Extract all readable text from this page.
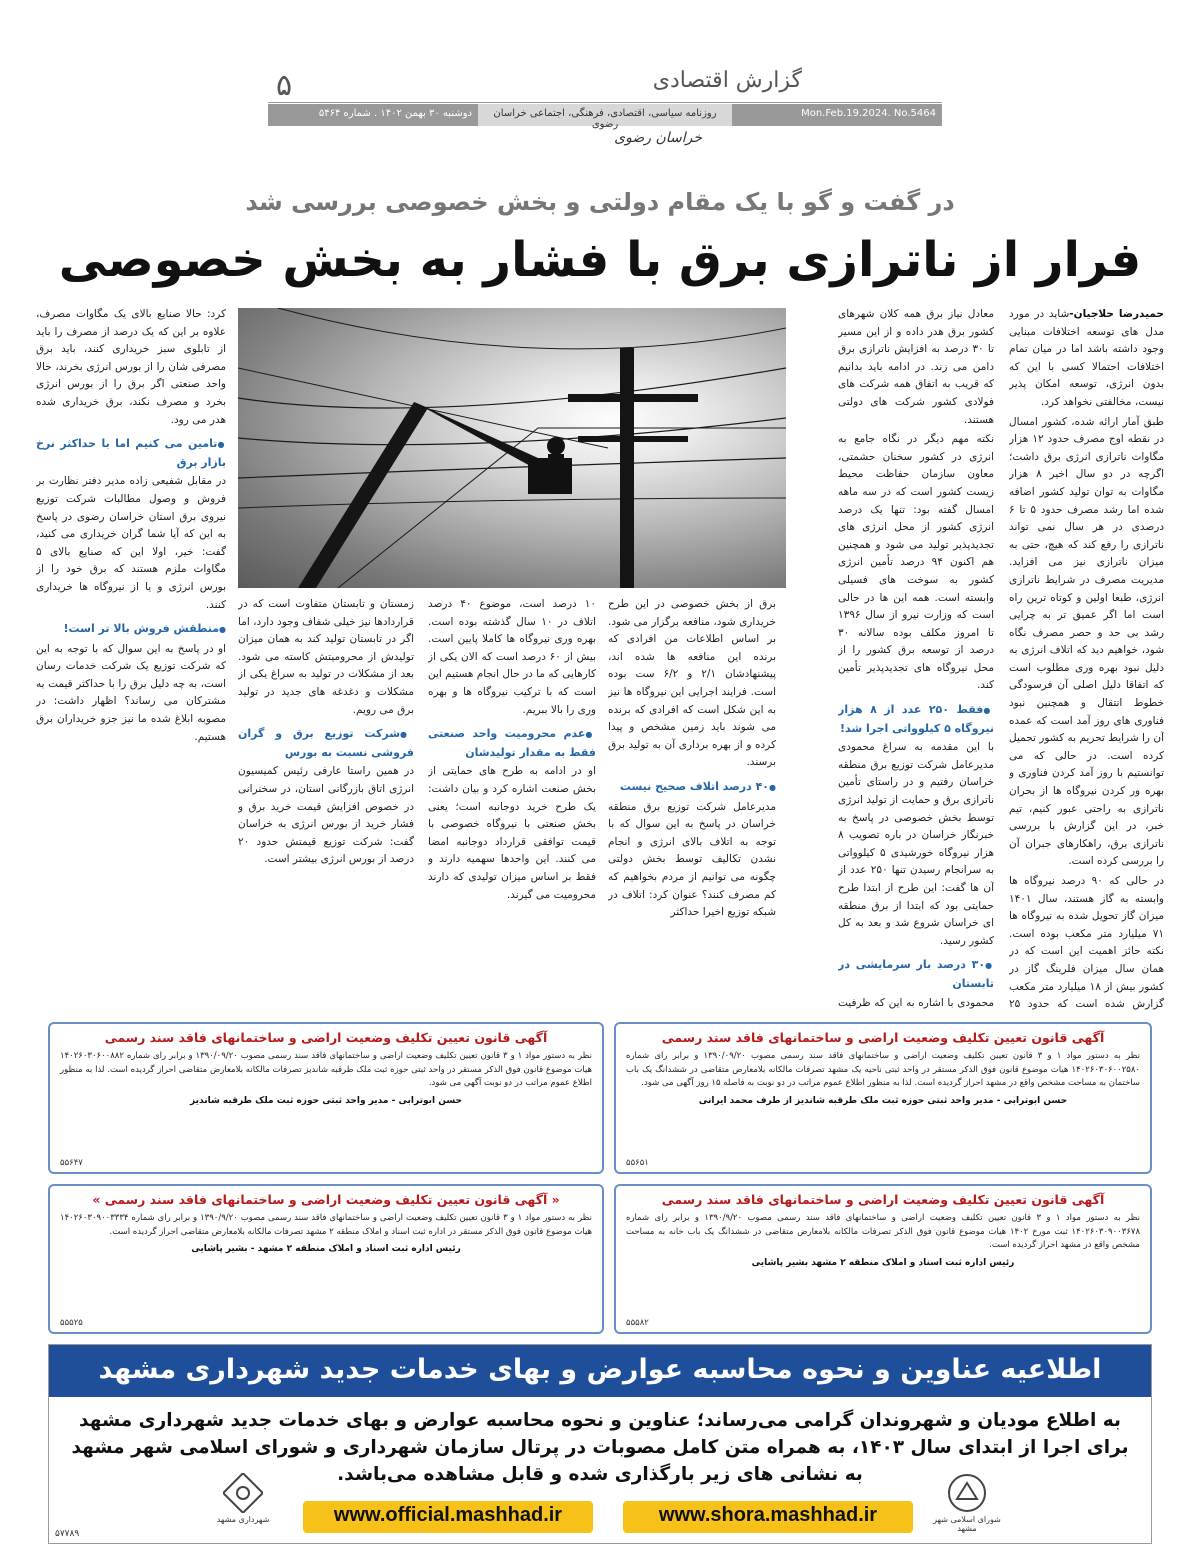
گزارش اقتصادی
۵
Mon.Feb.19.2024. No.5464
روزنامه سیاسی، اقتصادی، فرهنگی، اجتماعی خراسان رضوی
دوشنبه ۳۰ بهمن ۱۴۰۲ . شماره ۵۴۶۴
خراسان رضوی
در گفت و گو با یک مقام دولتی و بخش خصوصی بررسی شد
فرار از ناترازی برق با فشار به بخش خصوصی

حمیدرضا حلاجیان-شاید در مورد مدل های توسعه اختلافات مبنایی وجود داشته باشد اما در میان تمام اختلافات احتمالا کسی با این که بدون انرژی، توسعه امکان پذیر نیست، مخالفتی نخواهد کرد.

طبق آمار ارائه شده، کشور امسال در نقطه اوج مصرف حدود ۱۲ هزار مگاوات ناترازی انرژی برق داشت؛ اگرچه در دو سال اخیر ۸ هزار مگاوات به توان تولید کشور اضافه شده اما رشد مصرف حدود ۵ تا ۶ درصدی در هر سال نمی تواند ناترازی را رفع کند که هیچ، حتی به میزان ناترازی نیز می افزاید. مدیریت مصرف در شرایط ناترازی انرژی، طبعا اولین و کوتاه ترین راه است اما اگر عمیق تر به چرایی رشد بی حد و حصر مصرف نگاه شود، خواهیم دید که اتلاف انرژی به دلیل نبود بهره وری مطلوب است که اتفاقا دلیل اصلی آن فرسودگی خطوط انتقال و همچنین نبود فناوری های روز آمد است که عمده آن را شرایط تحریم به کشور تحمیل کرده است. در حالی که می توانستیم با روز آمد کردن فناوری و بهره ور کردن نیروگاه ها از بحران ناترازی به راحتی عبور کنیم، تیم خبر، در این گزارش با بررسی ناترازی برق، راهکارهای جبران آن را بررسی کرده است.

در حالی که ۹۰ درصد نیروگاه ها وابسته به گاز هستند، سال ۱۴۰۱ میزان گاز تحویل شده به نیروگاه ها ۷۱ میلیارد متر مکعب بوده است. نکته حائز اهمیت این است که در همان سال میزان فلرینگ گاز در کشور بیش از ۱۸ میلیارد متر مکعب گزارش شده است که حدود ۲۵

معادل نیاز برق همه کلان شهرهای کشور برق هدر داده و از این مسیر تا ۳۰ درصد به افزایش ناترازی برق دامن می زند. در ادامه باید بدانیم که قریب به اتفاق همه شرکت های فولادی کشور شرکت های دولتی هستند.

نکته مهم دیگر در نگاه جامع به انرژی در کشور سخنان حشمتی، معاون سازمان حفاظت محیط زیست کشور است که در سه ماهه امسال گفته بود: تنها یک درصد انرژی کشور از محل انرژی های تجدیدپذیر تولید می شود و همچنین هم اکنون ۹۴ درصد تأمین انرژی کشور به سوخت های فسیلی وابسته است. همه این ها در حالی است که وزارت نیرو از سال ۱۳۹۶ تا امروز مکلف بوده سالانه ۳۰ درصد از توسعه برق کشور را از محل نیروگاه های تجدیدپذیر تأمین کند.

● فقط ۲۵۰ عدد از ۸ هزار نیروگاه ۵ کیلوواتی اجرا شد!

با این مقدمه به سراغ محمودی مدیرعامل شرکت توزیع برق منطقه خراسان رفتیم و در راستای تأمین ناترازی برق و حمایت از تولید انرژی توسط بخش خصوصی در پاسخ به خبرنگار خراسان در باره تصویب ۸ هزار نیروگاه خورشیدی ۵ کیلوواتی به سرانجام رسیدن تنها ۲۵۰ عدد از آن ها گفت: این طرح از ابتدا طرح حمایتی بود که ابتدا از برق منطقه ای خراسان شروع شد و بعد به کل کشور رسید.

● ۳۰ درصد بار سرمایشی در تابستان

محمودی با اشاره به این که ظرفیت

برق از بخش خصوصی در این طرح خریداری شود، منافعه برگزار می شود. بر اساس اطلاعات من افرادی که برنده این منافعه ها شده اند، پیشنهادشان ۲/۱ و ۶/۲ ست بوده است. فرایند اجرایی این نیروگاه ها نیز به این شکل است که افرادی که برنده می شوند باید زمین مشخص و پیدا کرده و از بهره برداری آن به تولید برق برسند.

● ۴۰ درصد اتلاف صحیح نیست

مدیرعامل شرکت توزیع برق منطقه خراسان در پاسخ به این سوال که با توجه به اتلاف بالای انرژی و انجام نشدن تکالیف توسط بخش دولتی چگونه می توانیم از مردم بخواهیم که کم مصرف کنند؟ عنوان کرد: اتلاف در شبکه توزیع اخیرا حداکثر

۱۰ درصد است، موضوع ۴۰ درصد اتلاف در ۱۰ سال گذشته بوده است. بهره وری نیروگاه ها کاملا پایین است. بیش از ۶۰ درصد است که الان یکی از کارهایی که ما در حال انجام هستیم این است که با ترکیب نیروگاه ها و بهره وری را بالا ببریم.

● عدم محرومیت واحد صنعتی فقط به مقدار تولیدشان

او در ادامه به طرح های حمایتی از بخش صنعت اشاره کرد و بیان داشت: یک طرح خرید دوجانبه است؛ یعنی بخش صنعتی با نیروگاه خصوصی با قیمت توافقی قرارداد دوجانبه امضا می کنند. این واحدها سهمیه دارند و فقط بر اساس میزان تولیدی که دارند محرومیت می گیرند.

زمستان و تابستان متفاوت است که در قراردادها نیز خیلی شفاف وجود دارد، اما اگر در تابستان تولید کند به همان میزان تولیدش از محرومیتش کاسته می شود. بعد از مشکلات در تولید به سراغ یکی از مشکلات و دغدغه های جدید در تولید برق می رویم.

● شرکت توزیع برق و گران فروشی نسبت به بورس

در همین راستا عارفی رئیس کمیسیون انرژی اتاق بازرگانی استان، در سخنرانی در خصوص افزایش قیمت خرید برق و فشار خرید از بورس انرژی به خراسان گفت: شرکت توزیع قیمتش حدود ۲۰ درصد از بورس انرژی بیشتر است.

کرد: حالا صنایع بالای یک مگاوات مصرف، علاوه بر این که یک درصد از مصرف را باید از تابلوی سبز خریداری کنند، باید برق مصرفی شان را از بورس انرژی بخرند، حالا واحد صنعتی اگر برق را از بورس انرژی بخرد و مصرف نکند، برق خریداری شده هدر می رود.

● تامین می کنیم اما با حداکثر نرخ بازار برق

در مقابل شفیعی زاده مدیر دفتر نظارت بر فروش و وصول مطالبات شرکت توزیع نیروی برق استان خراسان رضوی در پاسخ به این که آیا شما گران خریداری می کنید، گفت: خیر، اولا این که صنایع بالای ۵ مگاوات ملزم هستند که برق خود را از بورس انرژی و یا از نیروگاه ها خریداری کنند.

● منطقش فروش بالا تر است!

او در پاسخ به این سوال که با توجه به این که شرکت توزیع یک شرکت خدمات رسان است، به چه دلیل برق را با حداکثر قیمت به مشترکان می رساند؟ اظهار داشت: در مصوبه ابلاغ شده ما نیز جزو خریداران برق هستیم.

آگهی قانون تعیین تکلیف وضعیت اراضی و ساختمانهای فاقد سند رسمی
نظر به دستور مواد ۱ و ۳ قانون تعیین تکلیف وضعیت اراضی و ساختمانهای فاقد سند رسمی مصوب ۱۳۹۰/۰۹/۲۰ و برابر رای شماره ۱۴۰۲۶۰۳۰۶۰۰۲۵۸۰ هیات موضوع قانون فوق الذکر مستقر در واحد ثبتی ناحیه یک مشهد تصرفات مالکانه بلامعارض متقاضی در ششدانگ یک باب ساختمان به مساحت مشخص واقع در مشهد احراز گردیده است. لذا به منظور اطلاع عموم مراتب در دو نوبت به فاصله ۱۵ روز آگهی می شود.
حسن ابوترابی - مدیر واحد ثبتی حوزه ثبت ملک طرقبه شاندیز از طرف محمد ایرانی
۵۵۶۵۱
آگهی قانون تعیین تکلیف وضعیت اراضی و ساختمانهای فاقد سند رسمی
نظر به دستور مواد ۱ و ۳ قانون تعیین تکلیف وضعیت اراضی و ساختمانهای فاقد سند رسمی مصوب ۱۳۹۰/۰۹/۲۰ و برابر رای شماره ۱۴۰۲۶۰۳۰۶۰۰۸۸۲ هیات موضوع قانون فوق الذکر مستقر در واحد ثبتی حوزه ثبت ملک طرقبه شاندیز تصرفات مالکانه بلامعارض متقاضی احراز گردیده است. لذا به منظور اطلاع عموم مراتب در دو نوبت آگهی می شود.
حسن ابوترابی - مدیر واحد ثبتی حوزه ثبت ملک طرقبه شاندیز
۵۵۶۴۷
آگهی قانون تعیین تکلیف وضعیت اراضی و ساختمانهای فاقد سند رسمی
نظر به دستور مواد ۱ و ۳ قانون تعیین تکلیف وضعیت اراضی و ساختمانهای فاقد سند رسمی مصوب ۱۳۹۰/۹/۲۰ و برابر رای شماره ۱۴۰۲۶۰۳۰۹۰۰۳۶۷۸ ثبت مورخ ۱۴۰۲ هیات موضوع قانون فوق الذکر تصرفات مالکانه بلامعارض متقاضی در ششدانگ یک باب خانه به مساحت مشخص واقع در مشهد احراز گردیده است.
رئیس اداره ثبت اسناد و املاک منطقه ۲ مشهد بشیر پاشایی
۵۵۵۸۲
« آگهی قانون تعیین تکلیف وضعیت اراضی و ساختمانهای فاقد سند رسمی »
نظر به دستور مواد ۱ و ۳ قانون تعیین تکلیف وضعیت اراضی و ساختمانهای فاقد سند رسمی مصوب ۱۳۹۰/۹/۲۰ و برابر رای شماره ۱۴۰۲۶۰۳۰۹۰۰۳۳۳۴ هیات موضوع قانون فوق الذکر مستقر در اداره ثبت اسناد و املاک منطقه ۲ مشهد تصرفات مالکانه بلامعارض متقاضی احراز گردیده است.
رئیس اداره ثبت اسناد و املاک منطقه ۲ مشهد - بشیر پاشایی
۵۵۵۲۵
اطلاعیه عناوین و نحوه محاسبه عوارض و بهای خدمات جدید شهرداری مشهد
به اطلاع مودیان و شهروندان گرامی می‌رساند؛ عناوین و نحوه محاسبه عوارض و بهای خدمات جدید شهرداری مشهد برای اجرا از ابتدای سال ۱۴۰۳، به همراه متن کامل مصوبات در پرتال سازمان شهرداری و شورای اسلامی شهر مشهد به نشانی های زیر بارگذاری شده و قابل مشاهده می‌باشد.
شورای اسلامی شهر مشهد
www.shora.mashhad.ir
www.official.mashhad.ir
شهرداری مشهد
۵۷۷۸۹
